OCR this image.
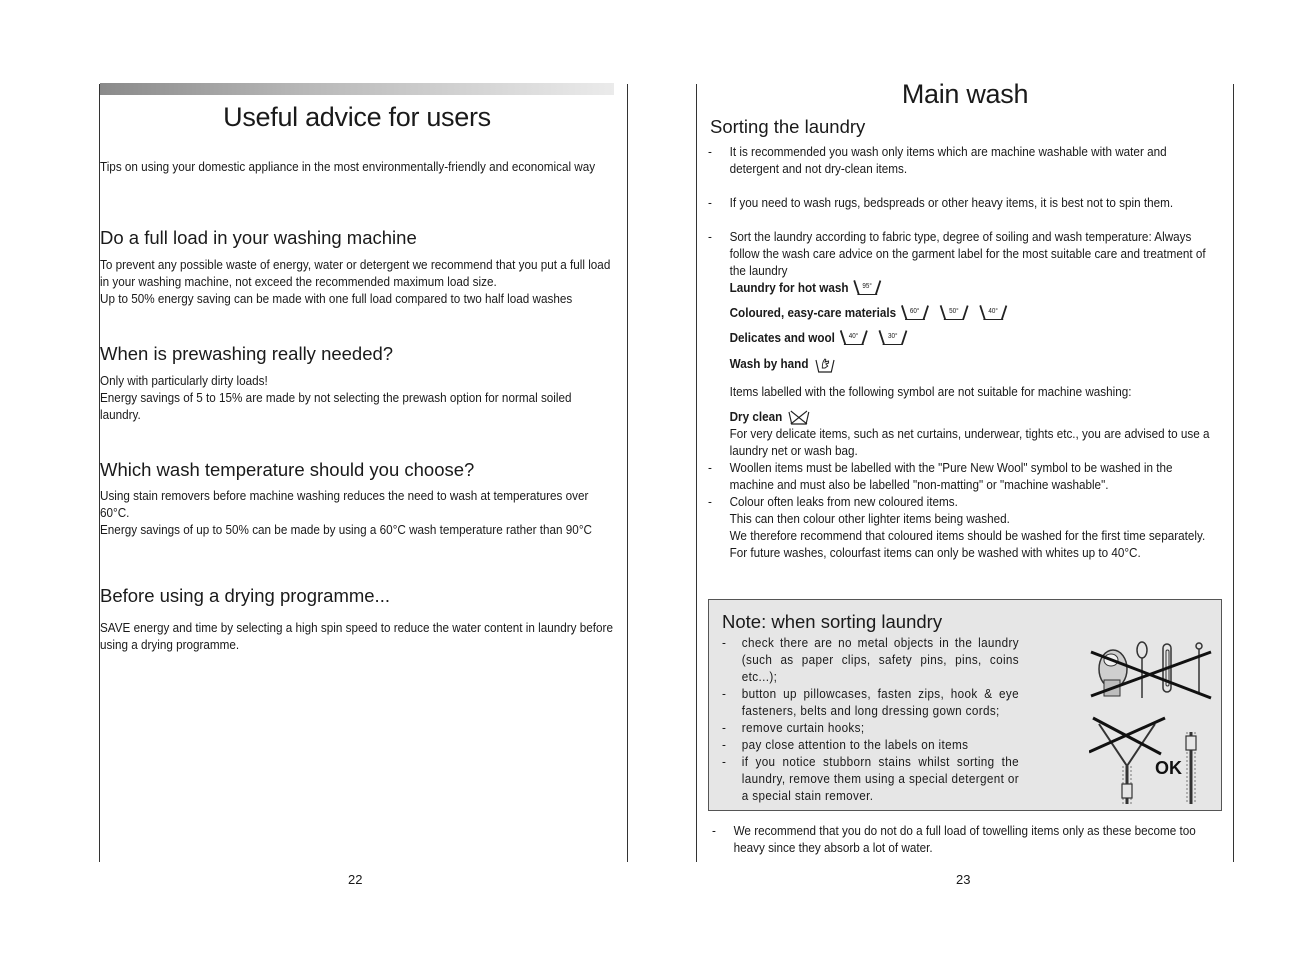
Useful advice for users
Tips on using your domestic appliance in the most environmentally-friendly and economical way
Do a full load in your washing machine

To prevent any possible waste of energy, water or detergent we recommend that you put a full load in your washing machine, not exceed the recommended maximum load size.

Up to 50% energy saving can be made with one full load compared to two half load washes

When is prewashing really needed?

Only with particularly dirty loads!

Energy savings of 5 to 15% are made by not selecting the prewash option for normal soiled laundry.

Which wash temperature should you choose?

Using stain removers before machine washing reduces the need to wash at temperatures over 60°C.

Energy savings of up to 50% can be made by using a 60°C wash temperature rather than 90°C

Before using a drying programme...

SAVE energy and time by selecting a high spin speed to reduce the water content in laundry before using a drying programme.

22
Main wash
Sorting the laundry
- It is recommended you wash only items which are machine washable with water and detergent and not dry-clean items.

- If you need to wash rugs, bedspreads or other heavy items, it is best not to spin them.

- Sort the laundry according to fabric type, degree of soiling and wash temperature: Always follow the wash care advice on the garment label for the most suitable care and treatment of the laundry

Laundry for hot wash	95°

Coloured, easy-care materials	60°
	50°
	40°

Delicates and wool	40°
	30°

Wash by hand

Items labelled with the following symbol are not suitable for machine washing:

Dry clean

For very delicate items, such as net curtains, underwear, tights etc., you are advised to use a laundry net or wash bag.

- Woollen items must be labelled with the "Pure New Wool" symbol to be washed in the machine and must also be labelled "non-matting" or "machine washable".

- Colour often leaks from new coloured items.

This can then colour other lighter items being washed.

We therefore recommend that coloured items should be washed for the first time separately.

For future washes, colourfast items can only be washed with whites up to 40°C.

Note: when sorting laundry
- check there are no metal objects in the laundry (such as paper clips, safety pins, pins, coins etc...);

- button up pillowcases, fasten zips, hook & eye fasteners, belts and long dressing gown cords;

- remove curtain hooks;

- pay close attention to the labels on items

- if you notice stubborn stains whilst sorting the laundry, remove them using a special detergent or a special stain remover.

OK
- We recommend that you do not do a full load of towelling items only as these become too heavy since they absorb a lot of water.

23
